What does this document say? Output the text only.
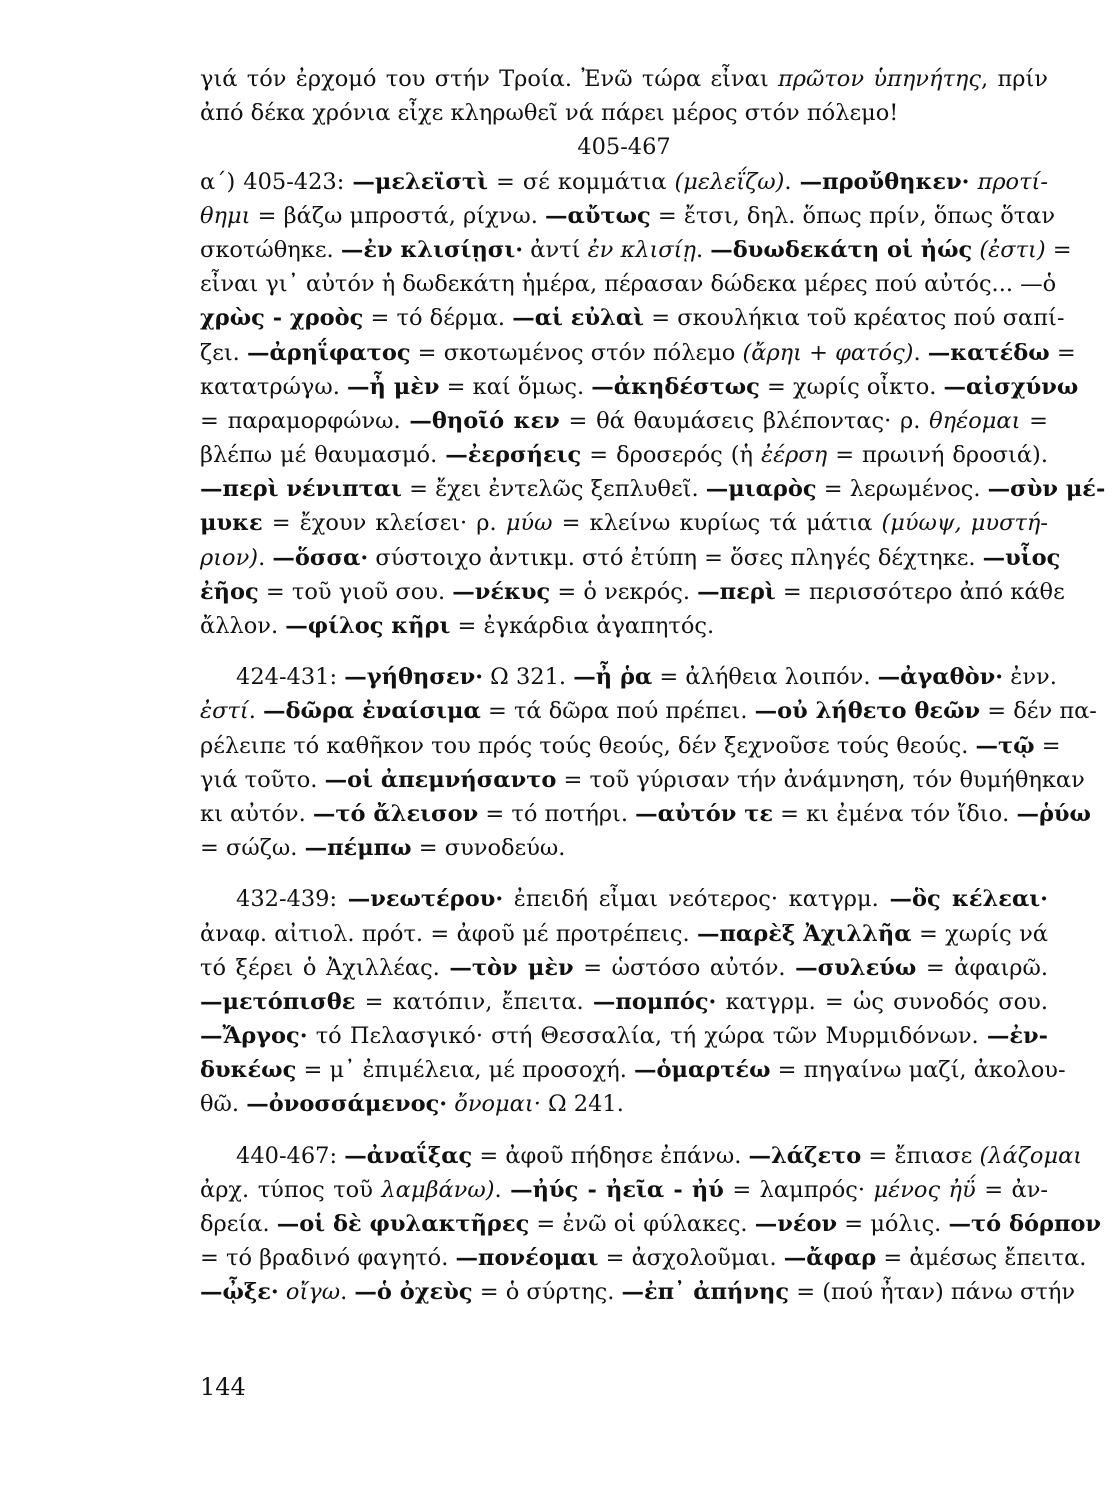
γιά τόν ἐρχομό του στήν Τροία. Ἐνῶ τώρα εἶναι πρῶτον ὑπηνήτης, πρίν
ἀπό δέκα χρόνια εἶχε κληρωθεῖ νά πάρει μέρος στόν πόλεμο!
405-467
α΄) 405-423: —μελεϊστὶ = σέ κομμάτια (μελεΐζω). —προὔθηκεν· προτί-
θημι = βάζω μπροστά, ρίχνω. —αὔτως = ἔτσι, δηλ. ὅπως πρίν, ὅπως ὅταν
σκοτώθηκε. —ἐν κλισίῃσι· ἀντί ἐν κλισίῃ. —δυωδεκάτη οἱ ἠώς (ἐστι) =
εἶναι γι᾽ αὐτόν ἡ δωδεκάτη ἡμέρα, πέρασαν δώδεκα μέρες πού αὐτός... —ὁ
χρὼς - χροὸς = τό δέρμα. —αἱ εὐλαὶ = σκουλήκια τοῦ κρέατος πού σαπί-
ζει. —ἀρηΐφατος = σκοτωμένος στόν πόλεμο (ἄρηι + φατός). —κατέδω =
κατατρώγω. —ἦ μὲν = καί ὅμως. —ἀκηδέστως = χωρίς οἶκτο. —αἰσχύνω
= παραμορφώνω. —θηοῖό κεν = θά θαυμάσεις βλέποντας· ρ. θηέομαι =
βλέπω μέ θαυμασμό. —ἐερσήεις = δροσερός (ἡ ἐέρση = πρωινή δροσιά).
—περὶ νένιπται = ἔχει ἐντελῶς ξεπλυθεῖ. —μιαρὸς = λερωμένος. —σὺν μέ-
μυκε = ἔχουν κλείσει· ρ. μύω = κλείνω κυρίως τά μάτια (μύωψ, μυστή-
ριον). —ὅσσα· σύστοιχο ἀντικμ. στό ἐτύπη = ὅσες πληγές δέχτηκε. —υἷος
ἐῆος = τοῦ γιοῦ σου. —νέκυς = ὁ νεκρός. —περὶ = περισσότερο ἀπό κάθε
ἄλλον. —φίλος κῆρι = ἐγκάρδια ἀγαπητός.
424-431: —γήθησεν· Ω 321. —ἦ ῥα = ἀλήθεια λοιπόν. —ἀγαθὸν· ἐνν.
ἐστί. —δῶρα ἐναίσιμα = τά δῶρα πού πρέπει. —οὐ λήθετο θεῶν = δέν πα-
ρέλειπε τό καθῆκον του πρός τούς θεούς, δέν ξεχνοῦσε τούς θεούς. —τῷ =
γιά τοῦτο. —οἱ ἀπεμνήσαντο = τοῦ γύρισαν τήν ἀνάμνηση, τόν θυμήθηκαν
κι αὐτόν. —τό ἄλεισον = τό ποτήρι. —αὐτόν τε = κι ἐμένα τόν ἴδιο. —ῥύω
= σώζω. —πέμπω = συνοδεύω.
432-439: —νεωτέρου· ἐπειδή εἶμαι νεότερος· κατγρμ. —ὃς κέλεαι·
ἀναφ. αἰτιολ. πρότ. = ἀφοῦ μέ προτρέπεις. —παρὲξ Ἀχιλλῆα = χωρίς νά
τό ξέρει ὁ Ἀχιλλέας. —τὸν μὲν = ὡστόσο αὐτόν. —συλεύω = ἀφαιρῶ.
—μετόπισθε = κατόπιν, ἔπειτα. —πομπός· κατγρμ. = ὡς συνοδός σου.
—Ἄργος· τό Πελασγικό· στή Θεσσαλία, τή χώρα τῶν Μυρμιδόνων. —ἐν-
δυκέως = μ᾽ ἐπιμέλεια, μέ προσοχή. —ὁμαρτέω = πηγαίνω μαζί, ἀκολου-
θῶ. —ὀνοσσάμενος· ὄνομαι· Ω 241.
440-467: —ἀναΐξας = ἀφοῦ πήδησε ἐπάνω. —λάζετο = ἔπιασε (λάζομαι
ἀρχ. τύπος τοῦ λαμβάνω). —ἠύς - ἠεῖα - ἠύ = λαμπρός· μένος ἠΰ = ἀν-
δρεία. —οἱ δὲ φυλακτῆρες = ἐνῶ οἱ φύλακες. —νέον = μόλις. —τό δόρπον
= τό βραδινό φαγητό. —πονέομαι = ἀσχολοῦμαι. —ἄφαρ = ἀμέσως ἔπειτα.
—ᾦξε· οἴγω. —ὁ ὀχεὺς = ὁ σύρτης. —ἐπ᾽ ἀπήνης = (πού ἦταν) πάνω στήν
144
